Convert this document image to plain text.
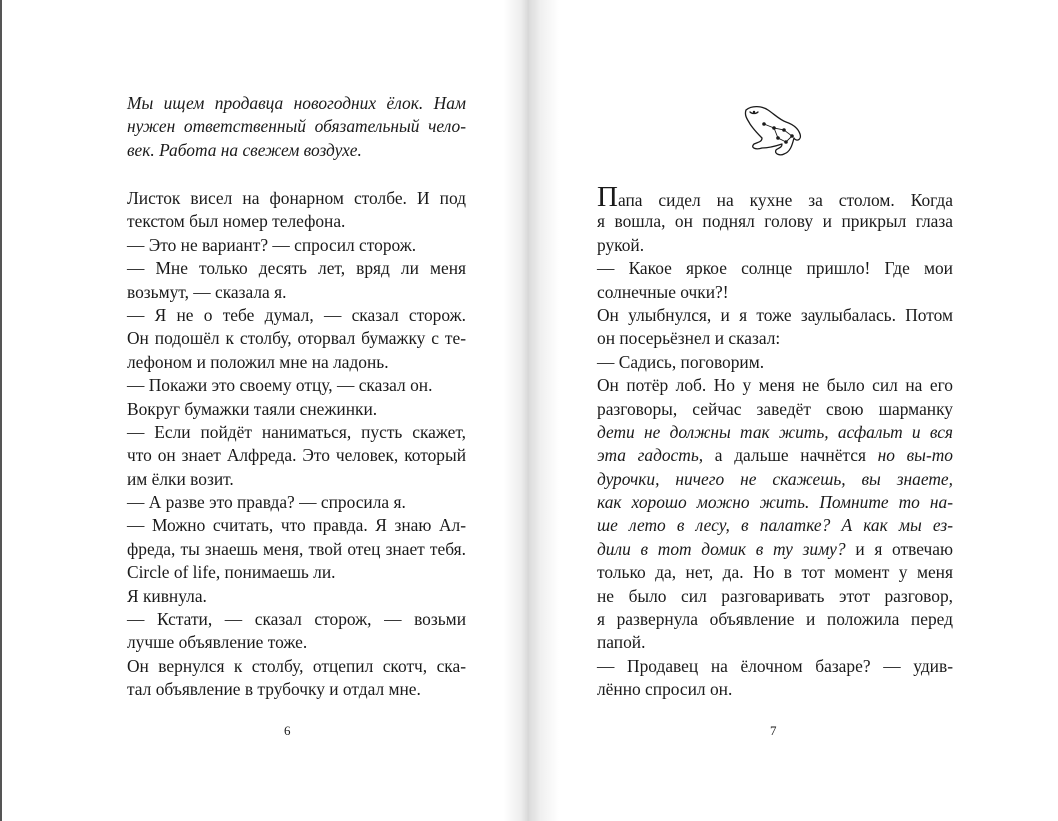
Мы ищем продавца новогодних ёлок. Нам
нужен ответственный обязательный чело-
век. Работа на свежем воздухе.
Листок висел на фонарном столбе. И под
текстом был номер телефона.
— Это не вариант? — спросил сторож.
— Мне только десять лет, вряд ли меня
возьмут, — сказала я.
— Я не о тебе думал, — сказал сторож.
Он подошёл к столбу, оторвал бумажку с те-
лефоном и положил мне на ладонь.
— Покажи это своему отцу, — сказал он.
Вокруг бумажки таяли снежинки.
— Если пойдёт наниматься, пусть скажет,
что он знает Алфреда. Это человек, который
им ёлки возит.
— А разве это правда? — спросила я.
— Можно считать, что правда. Я знаю Ал-
фреда, ты знаешь меня, твой отец знает тебя.
Circle of life, понимаешь ли.
Я кивнула.
— Кстати, — сказал сторож, — возьми
лучше объявление тоже.
Он вернулся к столбу, отцепил скотч, ска-
тал объявление в трубочку и отдал мне.
6
Папа сидел на кухне за столом. Когда
я вошла, он поднял голову и прикрыл глаза
рукой.
— Какое яркое солнце пришло! Где мои
солнечные очки?!
Он улыбнулся, и я тоже заулыбалась. Потом
он посерьёзнел и сказал:
— Садись, поговорим.
Он потёр лоб. Но у меня не было сил на его
разговоры, сейчас заведёт свою шарманку
дети не должны так жить, асфальт и вся
эта гадость, а дальше начнётся но вы-то
дурочки, ничего не скажешь, вы знаете,
как хорошо можно жить. Помните то на-
ше лето в лесу, в палатке? А как мы ез-
дили в тот домик в ту зиму? и я отвечаю
только да, нет, да. Но в тот момент у меня
не было сил разговаривать этот разговор,
я развернула объявление и положила перед
папой.
— Продавец на ёлочном базаре? — удив-
лённо спросил он.
7
